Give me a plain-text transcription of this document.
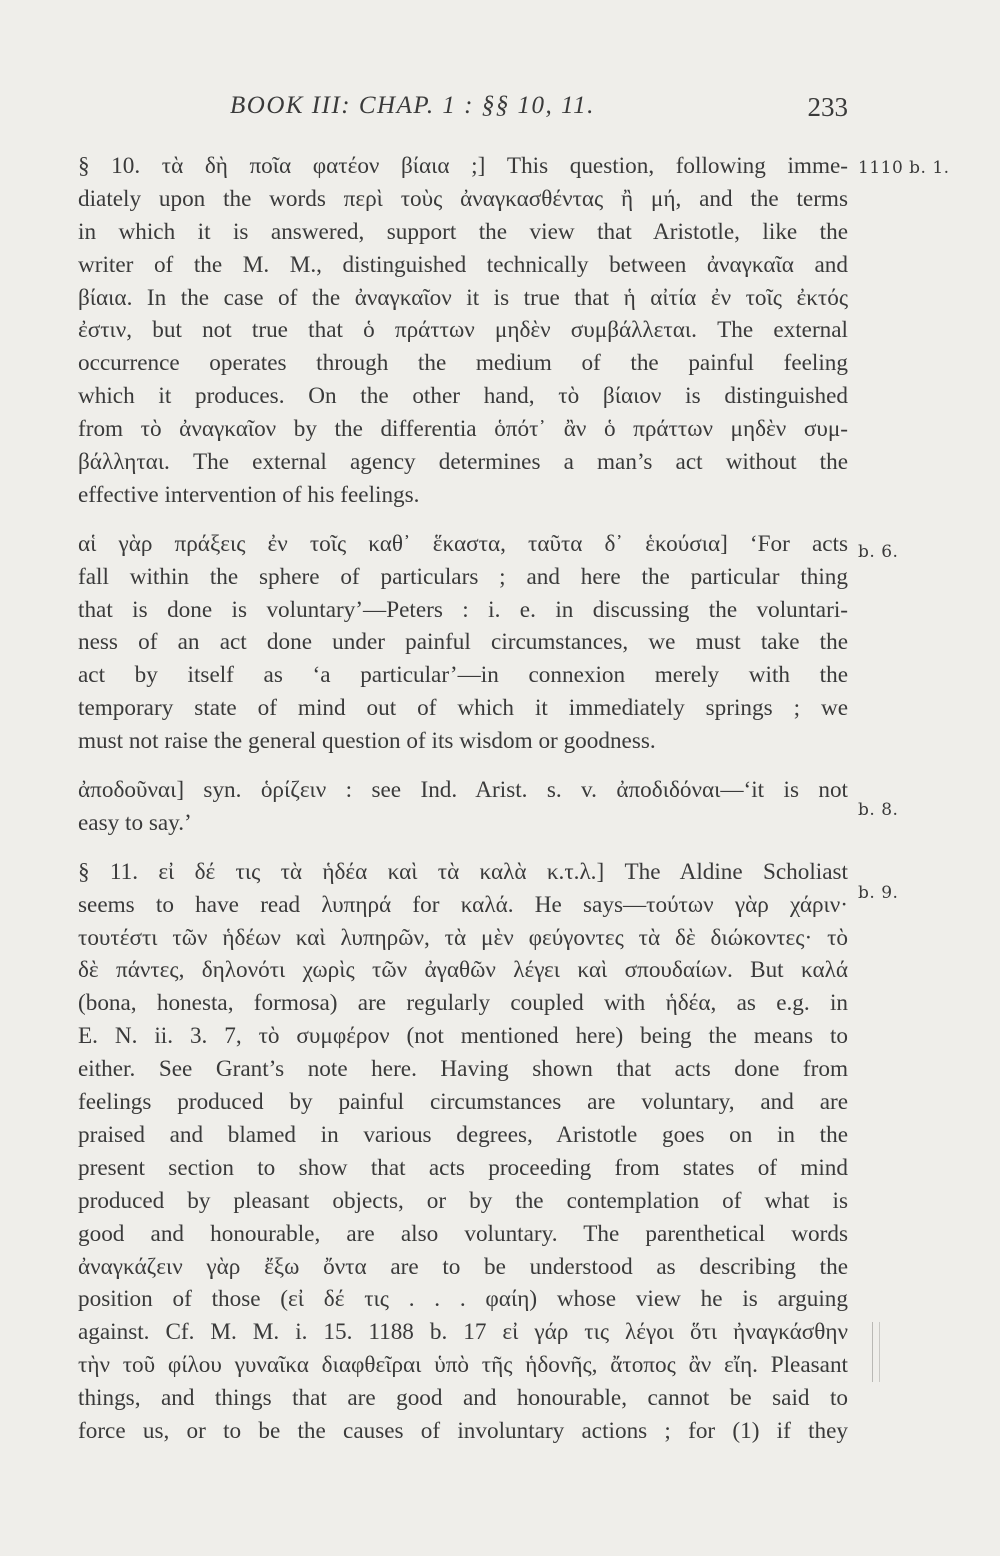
BOOK III: CHAP. 1 : §§ 10, 11.	233
§ 10. τὰ δὴ ποῖα φατέον βίαια ;] This question, following imme-
diately upon the words περὶ τοὺς ἀναγκασθέντας ἢ μή, and the terms
in which it is answered, support the view that Aristotle, like the
writer of the M. M., distinguished technically between ἀναγκαῖα and
βίαια. In the case of the ἀναγκαῖον it is true that ἡ αἰτία ἐν τοῖς ἐκτός
ἐστιν, but not true that ὁ πράττων μηδὲν συμβάλλεται. The external
occurrence operates through the medium of the painful feeling
which it produces. On the other hand, τὸ βίαιον is distinguished
from τὸ ἀναγκαῖον by the differentia ὁπότ᾽ ἂν ὁ πράττων μηδὲν συμ-
βάλληται. The external agency determines a man’s act without the
effective intervention of his feelings.
αἱ γὰρ πράξεις ἐν τοῖς καθ᾽ ἕκαστα, ταῦτα δ᾽ ἑκούσια] ‘For acts
fall within the sphere of particulars ; and here the particular thing
that is done is voluntary’—Peters : i. e. in discussing the voluntari-
ness of an act done under painful circumstances, we must take the
act by itself as ‘a particular’—in connexion merely with the
temporary state of mind out of which it immediately springs ; we
must not raise the general question of its wisdom or goodness.
ἀποδοῦναι] syn. ὁρίζειν : see Ind. Arist. s. v. ἀποδιδόναι—‘it is not
easy to say.’
§ 11. εἰ δέ τις τὰ ἡδέα καὶ τὰ καλὰ κ.τ.λ.] The Aldine Scholiast
seems to have read λυπηρά for καλά. He says—τούτων γὰρ χάριν·
τουτέστι τῶν ἡδέων καὶ λυπηρῶν, τὰ μὲν φεύγοντες τὰ δὲ διώκοντες· τὸ
δὲ πάντες, δηλονότι χωρὶς τῶν ἀγαθῶν λέγει καὶ σπουδαίων. But καλά
(bona, honesta, formosa) are regularly coupled with ἡδέα, as e.g. in
E. N. ii. 3. 7, τὸ συμφέρον (not mentioned here) being the means to
either. See Grant’s note here. Having shown that acts done from
feelings produced by painful circumstances are voluntary, and are
praised and blamed in various degrees, Aristotle goes on in the
present section to show that acts proceeding from states of mind
produced by pleasant objects, or by the contemplation of what is
good and honourable, are also voluntary. The parenthetical words
ἀναγκάζειν γὰρ ἔξω ὄντα are to be understood as describing the
position of those (εἰ δέ τις . . . φαίη) whose view he is arguing
against. Cf. M. M. i. 15. 1188 b. 17 εἰ γάρ τις λέγοι ὅτι ἠναγκάσθην
τὴν τοῦ φίλου γυναῖκα διαφθεῖραι ὑπὸ τῆς ἡδονῆς, ἄτοπος ἂν εἴη. Pleasant
things, and things that are good and honourable, cannot be said to
force us, or to be the causes of involuntary actions ; for (1) if they
1110 b. 1.
b. 6.
b. 8.
b. 9.
